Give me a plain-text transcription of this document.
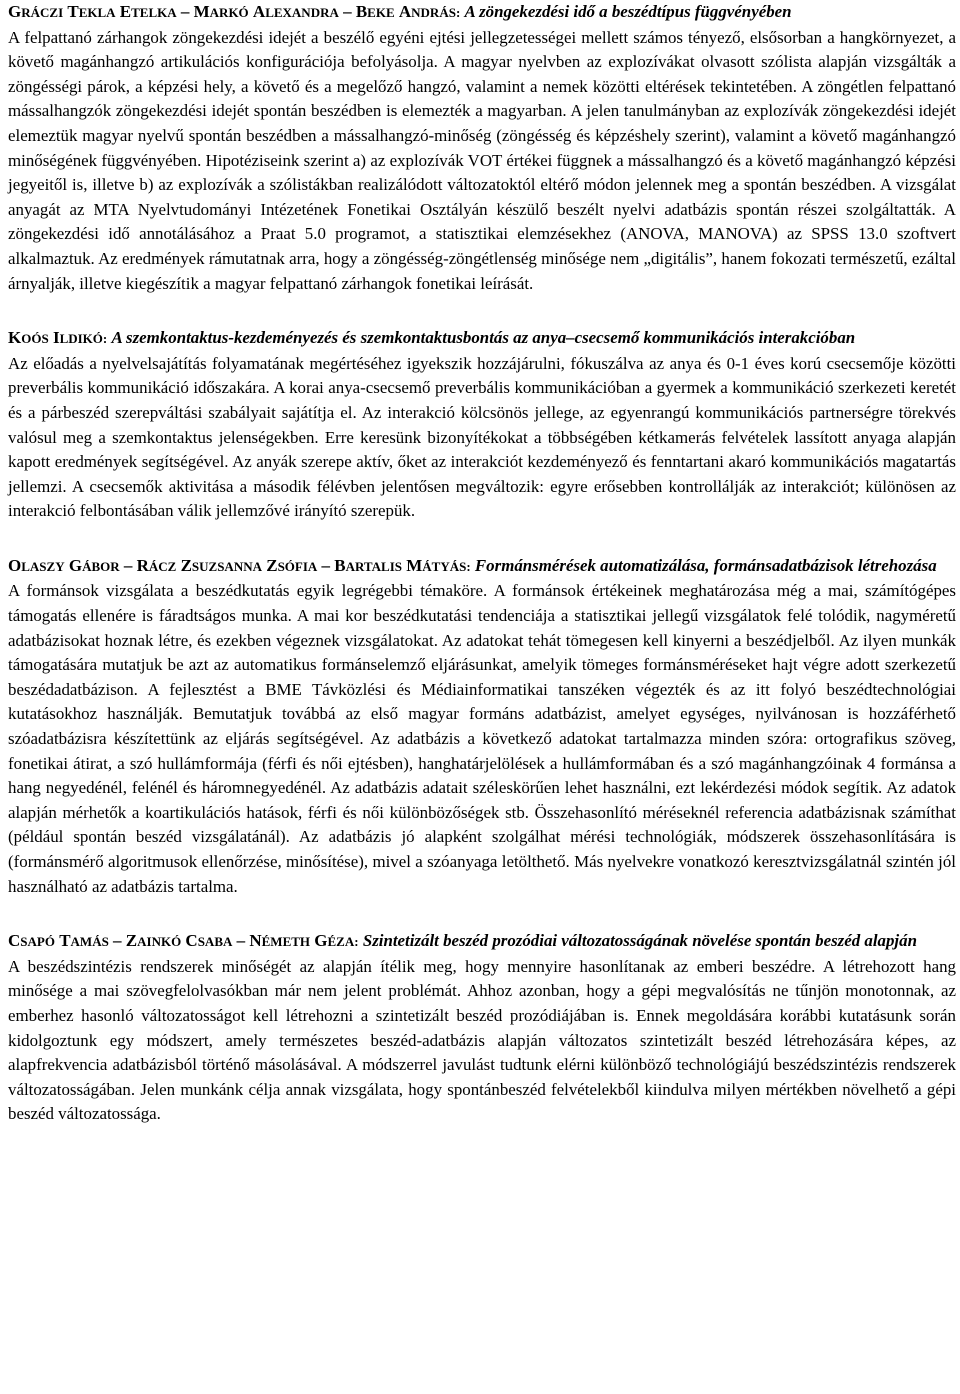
GRÁCZI TEKLA ETELKA – MARKÓ ALEXANDRA – BEKE ANDRÁS: A zöngekezdési idő a beszédtípus függvényében

A felpattanó zárhangok zöngekezdési idejét a beszélő egyéni ejtési jellegzetességei mellett számos tényező, elsősorban a hangkörnyezet, a követő magánhangzó artikulációs konfigurációja befolyásolja. A magyar nyelvben az explozívákat olvasott szólista alapján vizsgálták a zöngésségi párok, a képzési hely, a követő és a megelőző hangzó, valamint a nemek közötti eltérések tekintetében. A zöngétlen felpattanó mássalhangzók zöngekezdési idejét spontán beszédben is elemezték a magyarban. A jelen tanulmányban az explozívák zöngekezdési idejét elemeztük magyar nyelvű spontán beszédben a mássalhangzó-minőség (zöngésség és képzéshely szerint), valamint a követő magánhangzó minőségének függvényében. Hipotéziseink szerint a) az explozívák VOT értékei függnek a mássalhangzó és a követő magánhangzó képzési jegyeitől is, illetve b) az explozívák a szólistákban realizálódott változatoktól eltérő módon jelennek meg a spontán beszédben. A vizsgálat anyagát az MTA Nyelvtudományi Intézetének Fonetikai Osztályán készülő beszélt nyelvi adatbázis spontán részei szolgáltatták. A zöngekezdési idő annotálásához a Praat 5.0 programot, a statisztikai elemzésekhez (ANOVA, MANOVA) az SPSS 13.0 szoftvert alkalmaztuk. Az eredmények rámutatnak arra, hogy a zöngésség-zöngétlenség minősége nem „digitális”, hanem fokozati természetű, ezáltal árnyalják, illetve kiegészítik a magyar felpattanó zárhangok fonetikai leírását.

KOÓS ILDIKÓ: A szemkontaktus-kezdeményezés és szemkontaktusbontás az anya–csecsemő kommunikációs interakcióban

Az előadás a nyelvelsajátítás folyamatának megértéséhez igyekszik hozzájárulni, fókuszálva az anya és 0-1 éves korú csecsemője közötti preverbális kommunikáció időszakára. A korai anya-csecsemő preverbális kommunikációban a gyermek a kommunikáció szerkezeti keretét és a párbeszéd szerepváltási szabályait sajátítja el. Az interakció kölcsönös jellege, az egyenrangú kommunikációs partnerségre törekvés valósul meg a szemkontaktus jelenségekben. Erre keresünk bizonyítékokat a többségében kétkamerás felvételek lassított anyaga alapján kapott eredmények segítségével. Az anyák szerepe aktív, őket az interakciót kezdeményező és fenntartani akaró kommunikációs magatartás jellemzi. A csecsemők aktivitása a második félévben jelentősen megváltozik: egyre erősebben kontrollálják az interakciót; különösen az interakció felbontásában válik jellemzővé irányító szerepük.

OLASZY GÁBOR – RÁCZ ZSUZSANNA ZSÓFIA – BARTALIS MÁTYÁS: Formánsmérések automatizálása, formánsadatbázisok létrehozása

A formánsok vizsgálata a beszédkutatás egyik legrégebbi témaköre. A formánsok értékeinek meghatározása még a mai, számítógépes támogatás ellenére is fáradtságos munka. A mai kor beszédkutatási tendenciája a statisztikai jellegű vizsgálatok felé tolódik, nagyméretű adatbázisokat hoznak létre, és ezekben végeznek vizsgálatokat. Az adatokat tehát tömegesen kell kinyerni a beszédjelből. Az ilyen munkák támogatására mutatjuk be azt az automatikus formánselemző eljárásunkat, amelyik tömeges formánsméréseket hajt végre adott szerkezetű beszédadatbázison. A fejlesztést a BME Távközlési és Médiainformatikai tanszéken végezték és az itt folyó beszédtechnológiai kutatásokhoz használják. Bemutatjuk továbbá az első magyar formáns adatbázist, amelyet egységes, nyilvánosan is hozzáférhető szóadatbázisra készítettünk az eljárás segítségével. Az adatbázis a következő adatokat tartalmazza minden szóra: ortografikus szöveg, fonetikai átirat, a szó hullámformája (férfi és női ejtésben), hanghatárjelölések a hullámformában és a szó magánhangzóinak 4 formánsa a hang negyedénél, felénél és háromnegyedénél. Az adatbázis adatait széleskörűen lehet használni, ezt lekérdezési módok segítik. Az adatok alapján mérhetők a koartikulációs hatások, férfi és női különbözőségek stb. Összehasonlító méréseknél referencia adatbázisnak számíthat (például spontán beszéd vizsgálatánál). Az adatbázis jó alapként szolgálhat mérési technológiák, módszerek összehasonlítására is (formánsmérő algoritmusok ellenőrzése, minősítése), mivel a szóanyaga letölthető. Más nyelvekre vonatkozó keresztvizsgálatnál szintén jól használható az adatbázis tartalma.

CSAPÓ TAMÁS – ZAINKÓ CSABA – NÉMETH GÉZA: Szintetizált beszéd prozódiai változatosságának növelése spontán beszéd alapján

A beszédszintézis rendszerek minőségét az alapján ítélik meg, hogy mennyire hasonlítanak az emberi beszédre. A létrehozott hang minősége a mai szövegfelolvasókban már nem jelent problémát. Ahhoz azonban, hogy a gépi megvalósítás ne tűnjön monotonnak, az emberhez hasonló változatosságot kell létrehozni a szintetizált beszéd prozódiájában is. Ennek megoldására korábbi kutatásunk során kidolgoztunk egy módszert, amely természetes beszéd-adatbázis alapján változatos szintetizált beszéd létrehozására képes, az alapfrekvencia adatbázisból történő másolásával. A módszerrel javulást tudtunk elérni különböző technológiájú beszédszintézis rendszerek változatosságában. Jelen munkánk célja annak vizsgálata, hogy spontánbeszéd felvételekből kiindulva milyen mértékben növelhető a gépi beszéd változatossága.
